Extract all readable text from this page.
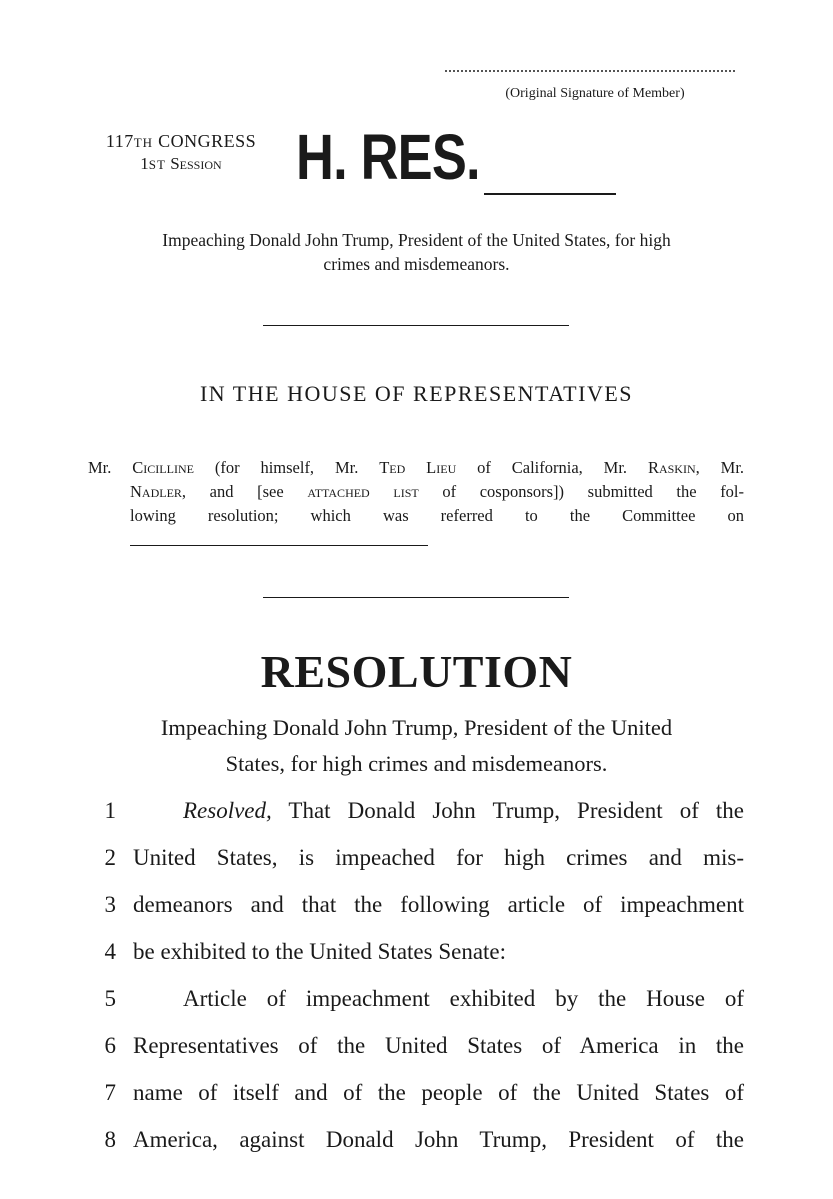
(Original Signature of Member)
117TH CONGRESS
1ST Session	H. RES.
Impeaching Donald John Trump, President of the United States, for high
crimes and misdemeanors.
IN THE HOUSE OF REPRESENTATIVES
Mr. Cicilline (for himself, Mr. Ted Lieu of California, Mr. Raskin, Mr.
Nadler, and [see attached list of cosponsors]) submitted the fol-
lowing resolution; which was referred to the Committee on
RESOLUTION
Impeaching Donald John Trump, President of the United
States, for high crimes and misdemeanors.
1	Resolved, That Donald John Trump, President of the
2 United States, is impeached for high crimes and mis-
3 demeanors and that the following article of impeachment
4 be exhibited to the United States Senate:
5	Article of impeachment exhibited by the House of
6 Representatives of the United States of America in the
7 name of itself and of the people of the United States of
8 America, against Donald John Trump, President of the
